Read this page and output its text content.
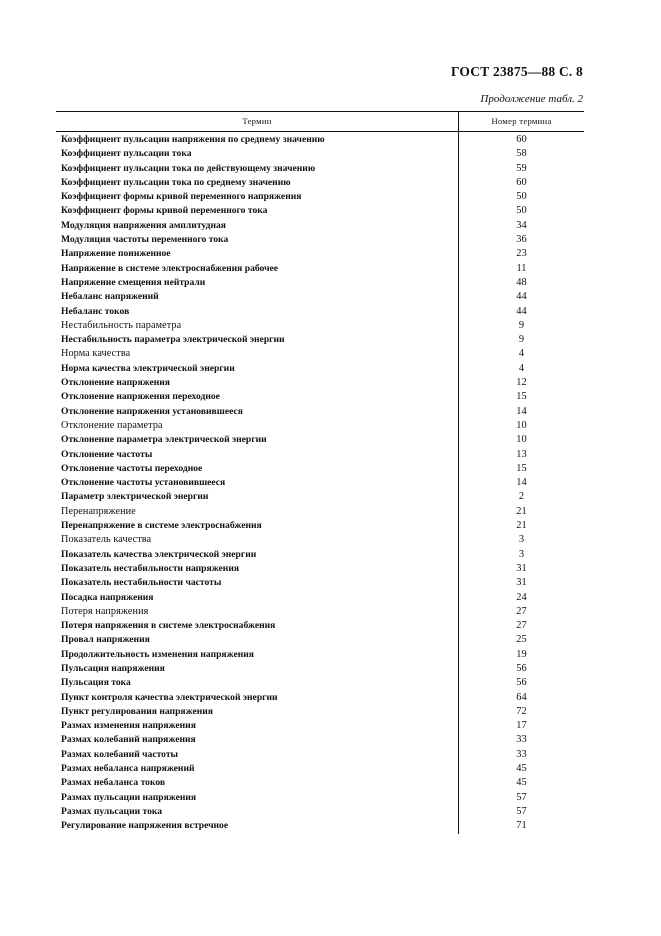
ГОСТ 23875—88 С. 8
Продолжение табл. 2
Термин	Номер термина
Коэффициент пульсации напряжения по среднему значению	60
Коэффициент пульсации тока	58
Коэффициент пульсации тока по действующему значению	59
Коэффициент пульсации тока по среднему значению	60
Коэффициент формы кривой переменного напряжения	50
Коэффициент формы кривой переменного тока	50
Модуляция напряжения амплитудная	34
Модуляция частоты переменного тока	36
Напряжение пониженное	23
Напряжение в системе электроснабжения рабочее	11
Напряжение смещения нейтрали	48
Небаланс напряжений	44
Небаланс токов	44
Нестабильность параметра	9
Нестабильность параметра электрической энергии	9
Норма качества	4
Норма качества электрической энергии	4
Отклонение напряжения	12
Отклонение напряжения переходное	15
Отклонение напряжения установившееся	14
Отклонение параметра	10
Отклонение параметра электрической энергии	10
Отклонение частоты	13
Отклонение частоты переходное	15
Отклонение частоты установившееся	14
Параметр электрической энергии	2
Перенапряжение	21
Перенапряжение в системе электроснабжения	21
Показатель качества	3
Показатель качества электрической энергии	3
Показатель нестабильности напряжения	31
Показатель нестабильности частоты	31
Посадка напряжения	24
Потеря напряжения	27
Потеря напряжения в системе электроснабжения	27
Провал напряжения	25
Продолжительность изменения напряжения	19
Пульсация напряжения	56
Пульсация тока	56
Пункт контроля качества электрической энергии	64
Пункт регулирования напряжения	72
Размах изменения напряжения	17
Размах колебаний напряжения	33
Размах колебаний частоты	33
Размах небаланса напряжений	45
Размах небаланса токов	45
Размах пульсации напряжения	57
Размах пульсации тока	57
Регулирование напряжения встречное	71
